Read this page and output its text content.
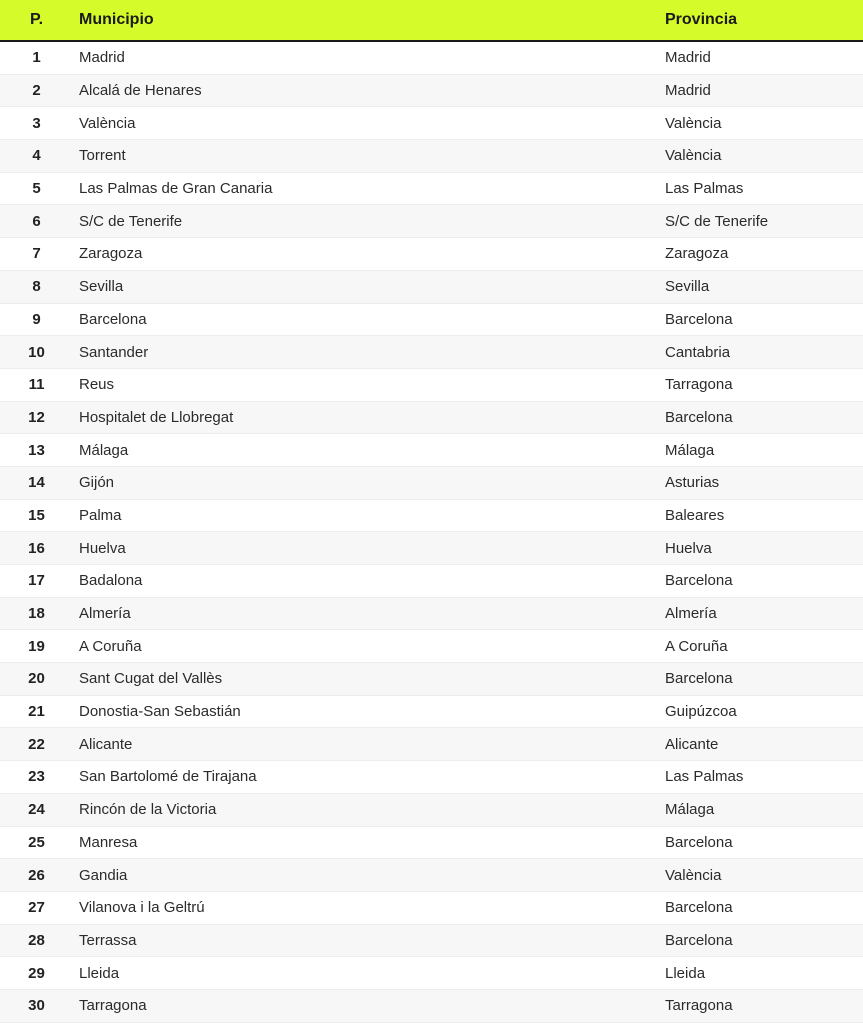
P.	Municipio	Provincia
1	Madrid	Madrid
2	Alcalá de Henares	Madrid
3	València	València
4	Torrent	València
5	Las Palmas de Gran Canaria	Las Palmas
6	S/C de Tenerife	S/C de Tenerife
7	Zaragoza	Zaragoza
8	Sevilla	Sevilla
9	Barcelona	Barcelona
10	Santander	Cantabria
11	Reus	Tarragona
12	Hospitalet de Llobregat	Barcelona
13	Málaga	Málaga
14	Gijón	Asturias
15	Palma	Baleares
16	Huelva	Huelva
17	Badalona	Barcelona
18	Almería	Almería
19	A Coruña	A Coruña
20	Sant Cugat del Vallès	Barcelona
21	Donostia-San Sebastián	Guipúzcoa
22	Alicante	Alicante
23	San Bartolomé de Tirajana	Las Palmas
24	Rincón de la Victoria	Málaga
25	Manresa	Barcelona
26	Gandia	València
27	Vilanova i la Geltrú	Barcelona
28	Terrassa	Barcelona
29	Lleida	Lleida
30	Tarragona	Tarragona
